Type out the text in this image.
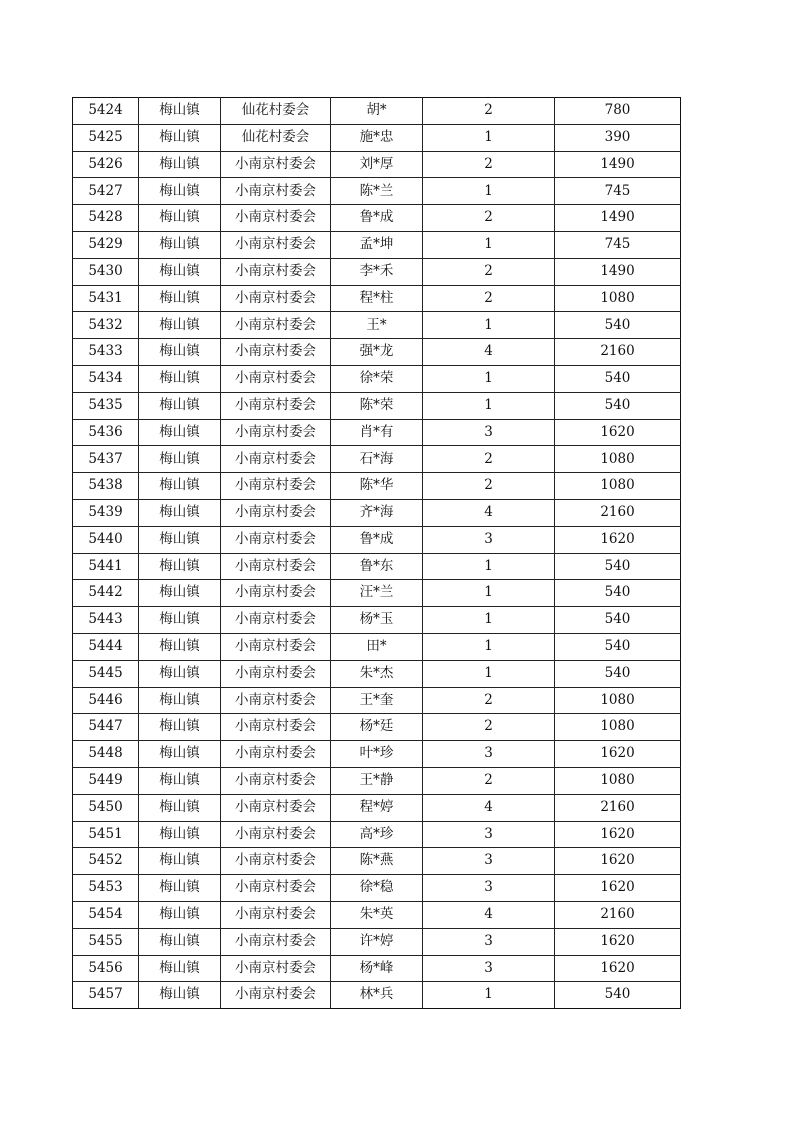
5424	梅山镇	仙花村委会	胡*	2	780
5425	梅山镇	仙花村委会	施*忠	1	390
5426	梅山镇	小南京村委会	刘*厚	2	1490
5427	梅山镇	小南京村委会	陈*兰	1	745
5428	梅山镇	小南京村委会	鲁*成	2	1490
5429	梅山镇	小南京村委会	孟*坤	1	745
5430	梅山镇	小南京村委会	李*禾	2	1490
5431	梅山镇	小南京村委会	程*柱	2	1080
5432	梅山镇	小南京村委会	王*	1	540
5433	梅山镇	小南京村委会	强*龙	4	2160
5434	梅山镇	小南京村委会	徐*荣	1	540
5435	梅山镇	小南京村委会	陈*荣	1	540
5436	梅山镇	小南京村委会	肖*有	3	1620
5437	梅山镇	小南京村委会	石*海	2	1080
5438	梅山镇	小南京村委会	陈*华	2	1080
5439	梅山镇	小南京村委会	齐*海	4	2160
5440	梅山镇	小南京村委会	鲁*成	3	1620
5441	梅山镇	小南京村委会	鲁*东	1	540
5442	梅山镇	小南京村委会	汪*兰	1	540
5443	梅山镇	小南京村委会	杨*玉	1	540
5444	梅山镇	小南京村委会	田*	1	540
5445	梅山镇	小南京村委会	朱*杰	1	540
5446	梅山镇	小南京村委会	王*奎	2	1080
5447	梅山镇	小南京村委会	杨*廷	2	1080
5448	梅山镇	小南京村委会	叶*珍	3	1620
5449	梅山镇	小南京村委会	王*静	2	1080
5450	梅山镇	小南京村委会	程*婷	4	2160
5451	梅山镇	小南京村委会	高*珍	3	1620
5452	梅山镇	小南京村委会	陈*燕	3	1620
5453	梅山镇	小南京村委会	徐*稳	3	1620
5454	梅山镇	小南京村委会	朱*英	4	2160
5455	梅山镇	小南京村委会	许*婷	3	1620
5456	梅山镇	小南京村委会	杨*峰	3	1620
5457	梅山镇	小南京村委会	林*兵	1	540
